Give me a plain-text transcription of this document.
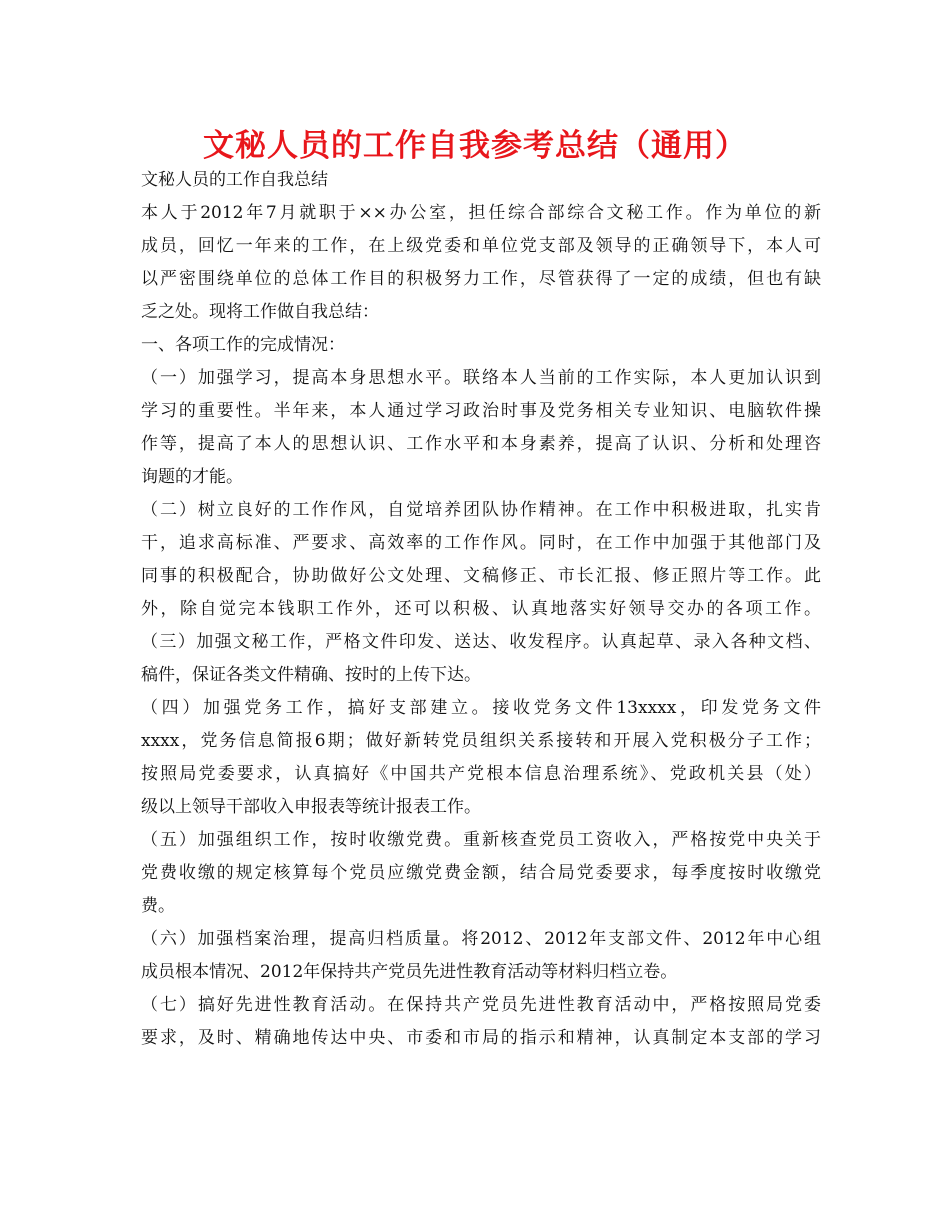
文秘人员的工作自我参考总结（通用）
文秘人员的工作自我总结
本人于2012年7月就职于××办公室，担任综合部综合文秘工作。作为单位的新
成员，回忆一年来的工作，在上级党委和单位党支部及领导的正确领导下，本人可
以严密围绕单位的总体工作目的积极努力工作，尽管获得了一定的成绩，但也有缺
乏之处。现将工作做自我总结：
一、各项工作的完成情况：
（一）加强学习，提高本身思想水平。联络本人当前的工作实际，本人更加认识到
学习的重要性。半年来，本人通过学习政治时事及党务相关专业知识、电脑软件操
作等，提高了本人的思想认识、工作水平和本身素养，提高了认识、分析和处理咨
询题的才能。
（二）树立良好的工作作风，自觉培养团队协作精神。在工作中积极进取，扎实肯
干，追求高标准、严要求、高效率的工作作风。同时，在工作中加强于其他部门及
同事的积极配合，协助做好公文处理、文稿修正、市长汇报、修正照片等工作。此
外，除自觉完本钱职工作外，还可以积极、认真地落实好领导交办的各项工作。
（三）加强文秘工作，严格文件印发、送达、收发程序。认真起草、录入各种文档、
稿件，保证各类文件精确、按时的上传下达。
（四）加强党务工作，搞好支部建立。接收党务文件13xxxx，印发党务文件
xxxx，党务信息简报6期；做好新转党员组织关系接转和开展入党积极分子工作；
按照局党委要求，认真搞好《中国共产党根本信息治理系统》、党政机关县（处）
级以上领导干部收入申报表等统计报表工作。
（五）加强组织工作，按时收缴党费。重新核查党员工资收入，严格按党中央关于
党费收缴的规定核算每个党员应缴党费金额，结合局党委要求，每季度按时收缴党
费。
（六）加强档案治理，提高归档质量。将2012、2012年支部文件、2012年中心组
成员根本情况、2012年保持共产党员先进性教育活动等材料归档立卷。
（七）搞好先进性教育活动。在保持共产党员先进性教育活动中，严格按照局党委
要求，及时、精确地传达中央、市委和市局的指示和精神，认真制定本支部的学习
